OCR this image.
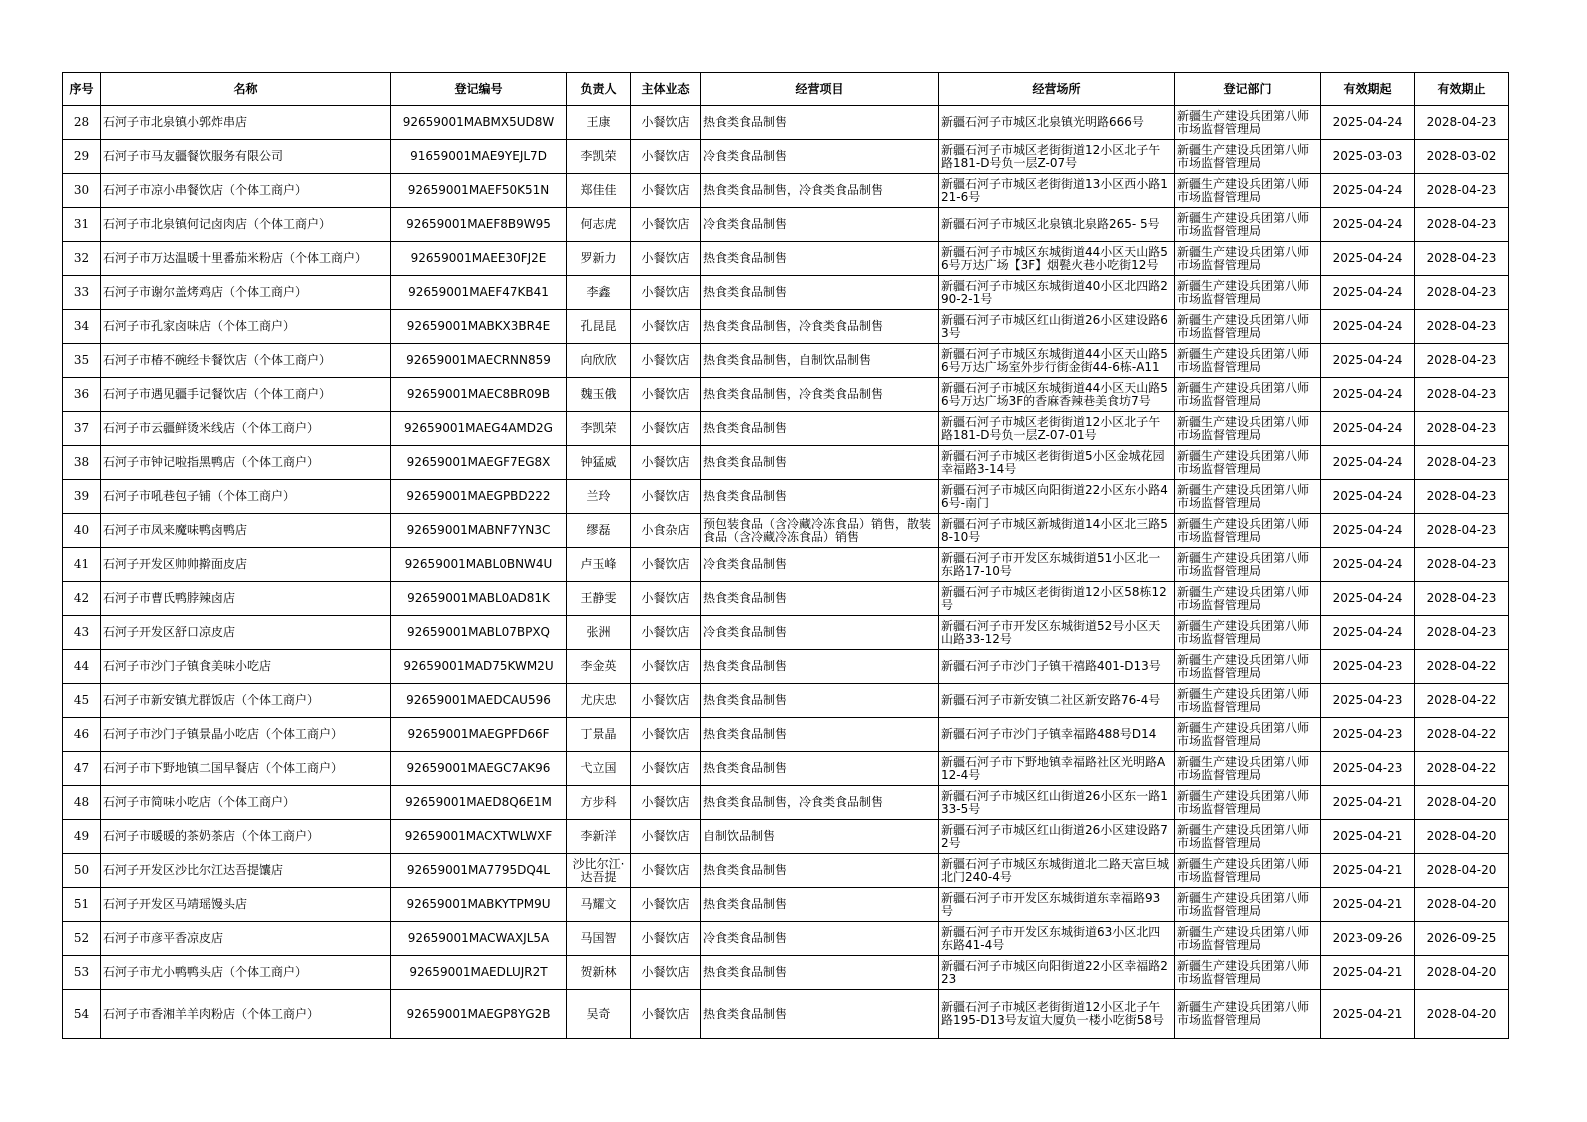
序号	名称	登记编号	负责人	主体业态	经营项目	经营场所	登记部门	有效期起	有效期止
28	石河子市北泉镇小郭炸串店	92659001MABMX5UD8W	王康	小餐饮店	热食类食品制售	新疆石河子市城区北泉镇光明路666号	新疆生产建设兵团第八师市场监督管理局	2025-04-24	2028-04-23
29	石河子市马友疆餐饮服务有限公司	91659001MAE9YEJL7D	李凯荣	小餐饮店	冷食类食品制售	新疆石河子市城区老街街道12小区北子午路181-D号负一层Z-07号	新疆生产建设兵团第八师市场监督管理局	2025-03-03	2028-03-02
30	石河子市凉小串餐饮店（个体工商户）	92659001MAEF50K51N	郑佳佳	小餐饮店	热食类食品制售，冷食类食品制售	新疆石河子市城区老街街道13小区西小路121-6号	新疆生产建设兵团第八师市场监督管理局	2025-04-24	2028-04-23
31	石河子市北泉镇何记卤肉店（个体工商户）	92659001MAEF8B9W95	何志虎	小餐饮店	冷食类食品制售	新疆石河子市城区北泉镇北泉路265- 5号	新疆生产建设兵团第八师市场监督管理局	2025-04-24	2028-04-23
32	石河子市万达温暖十里番茄米粉店（个体工商户）	92659001MAEE30FJ2E	罗新力	小餐饮店	热食类食品制售	新疆石河子市城区东城街道44小区天山路56号万达广场【3F】烟甏火巷小吃街12号	新疆生产建设兵团第八师市场监督管理局	2025-04-24	2028-04-23
33	石河子市谢尔盖烤鸡店（个体工商户）	92659001MAEF47KB41	李鑫	小餐饮店	热食类食品制售	新疆石河子市城区东城街道40小区北四路290-2-1号	新疆生产建设兵团第八师市场监督管理局	2025-04-24	2028-04-23
34	石河子市孔家卤味店（个体工商户）	92659001MABKX3BR4E	孔昆昆	小餐饮店	热食类食品制售，冷食类食品制售	新疆石河子市城区红山街道26小区建设路63号	新疆生产建设兵团第八师市场监督管理局	2025-04-24	2028-04-23
35	石河子市椿不碗经卡餐饮店（个体工商户）	92659001MAECRNN859	向欣欣	小餐饮店	热食类食品制售，自制饮品制售	新疆石河子市城区东城街道44小区天山路56号万达广场室外步行街金街44-6栋-A11	新疆生产建设兵团第八师市场监督管理局	2025-04-24	2028-04-23
36	石河子市遇见疆手记餐饮店（个体工商户）	92659001MAEC8BR09B	魏玉俄	小餐饮店	热食类食品制售，冷食类食品制售	新疆石河子市城区东城街道44小区天山路56号万达广场3F的香麻香辣巷美食坊7号	新疆生产建设兵团第八师市场监督管理局	2025-04-24	2028-04-23
37	石河子市云疆鲜烫米线店（个体工商户）	92659001MAEG4AMD2G	李凯荣	小餐饮店	热食类食品制售	新疆石河子市城区老街街道12小区北子午路181-D号负一层Z-07-01号	新疆生产建设兵团第八师市场监督管理局	2025-04-24	2028-04-23
38	石河子市钟记啦指黑鸭店（个体工商户）	92659001MAEGF7EG8X	钟猛威	小餐饮店	热食类食品制售	新疆石河子市城区老街街道5小区金城花园幸福路3-14号	新疆生产建设兵团第八师市场监督管理局	2025-04-24	2028-04-23
39	石河子市吼巷包子铺（个体工商户）	92659001MAEGPBD222	兰玲	小餐饮店	热食类食品制售	新疆石河子市城区向阳街道22小区东小路46号-南门	新疆生产建设兵团第八师市场监督管理局	2025-04-24	2028-04-23
40	石河子市凤来魔味鸭卤鸭店	92659001MABNF7YN3C	缪磊	小食杂店	预包装食品（含冷藏冷冻食品）销售，散装食品（含冷藏冷冻食品）销售	新疆石河子市城区新城街道14小区北三路58-10号	新疆生产建设兵团第八师市场监督管理局	2025-04-24	2028-04-23
41	石河子开发区帅帅擀面皮店	92659001MABL0BNW4U	卢玉峰	小餐饮店	冷食类食品制售	新疆石河子市开发区东城街道51小区北一东路17-10号	新疆生产建设兵团第八师市场监督管理局	2025-04-24	2028-04-23
42	石河子市曹氏鸭脖辣卤店	92659001MABL0AD81K	王静雯	小餐饮店	热食类食品制售	新疆石河子市城区老街街道12小区58栋12号	新疆生产建设兵团第八师市场监督管理局	2025-04-24	2028-04-23
43	石河子开发区舒口凉皮店	92659001MABL07BPXQ	张洲	小餐饮店	冷食类食品制售	新疆石河子市开发区东城街道52号小区天山路33-12号	新疆生产建设兵团第八师市场监督管理局	2025-04-24	2028-04-23
44	石河子市沙门子镇食美味小吃店	92659001MAD75KWM2U	李金英	小餐饮店	热食类食品制售	新疆石河子市沙门子镇干禧路401-D13号	新疆生产建设兵团第八师市场监督管理局	2025-04-23	2028-04-22
45	石河子市新安镇尤群饭店（个体工商户）	92659001MAEDCAU596	尤庆忠	小餐饮店	热食类食品制售	新疆石河子市新安镇二社区新安路76-4号	新疆生产建设兵团第八师市场监督管理局	2025-04-23	2028-04-22
46	石河子市沙门子镇景晶小吃店（个体工商户）	92659001MAEGPFD66F	丁景晶	小餐饮店	热食类食品制售	新疆石河子市沙门子镇幸福路488号D14	新疆生产建设兵团第八师市场监督管理局	2025-04-23	2028-04-22
47	石河子市下野地镇二国早餐店（个体工商户）	92659001MAEGC7AK96	弋立国	小餐饮店	热食类食品制售	新疆石河子市下野地镇幸福路社区光明路A12-4号	新疆生产建设兵团第八师市场监督管理局	2025-04-23	2028-04-22
48	石河子市简味小吃店（个体工商户）	92659001MAED8Q6E1M	方步科	小餐饮店	热食类食品制售，冷食类食品制售	新疆石河子市城区红山街道26小区东一路133-5号	新疆生产建设兵团第八师市场监督管理局	2025-04-21	2028-04-20
49	石河子市暖暖的茶奶茶店（个体工商户）	92659001MACXTWLWXF	李新洋	小餐饮店	自制饮品制售	新疆石河子市城区红山街道26小区建设路72号	新疆生产建设兵团第八师市场监督管理局	2025-04-21	2028-04-20
50	石河子开发区沙比尔江达吾提馕店	92659001MA7795DQ4L	沙比尔江·达吾提	小餐饮店	热食类食品制售	新疆石河子市城区东城街道北二路天富巨城北门240-4号	新疆生产建设兵团第八师市场监督管理局	2025-04-21	2028-04-20
51	石河子开发区马靖瑶馒头店	92659001MABKYTPM9U	马耀文	小餐饮店	热食类食品制售	新疆石河子市开发区东城街道东幸福路93号	新疆生产建设兵团第八师市场监督管理局	2025-04-21	2028-04-20
52	石河子市彦平香凉皮店	92659001MACWAXJL5A	马国智	小餐饮店	冷食类食品制售	新疆石河子市开发区东城街道63小区北四东路41-4号	新疆生产建设兵团第八师市场监督管理局	2023-09-26	2026-09-25
53	石河子市尤小鸭鸭头店（个体工商户）	92659001MAEDLUJR2T	贺新林	小餐饮店	热食类食品制售	新疆石河子市城区向阳街道22小区幸福路223	新疆生产建设兵团第八师市场监督管理局	2025-04-21	2028-04-20
54	石河子市香湘羊羊肉粉店（个体工商户）	92659001MAEGP8YG2B	吴奇	小餐饮店	热食类食品制售	新疆石河子市城区老街街道12小区北子午路195-D13号友谊大厦负一楼小吃街58号	新疆生产建设兵团第八师市场监督管理局	2025-04-21	2028-04-20
